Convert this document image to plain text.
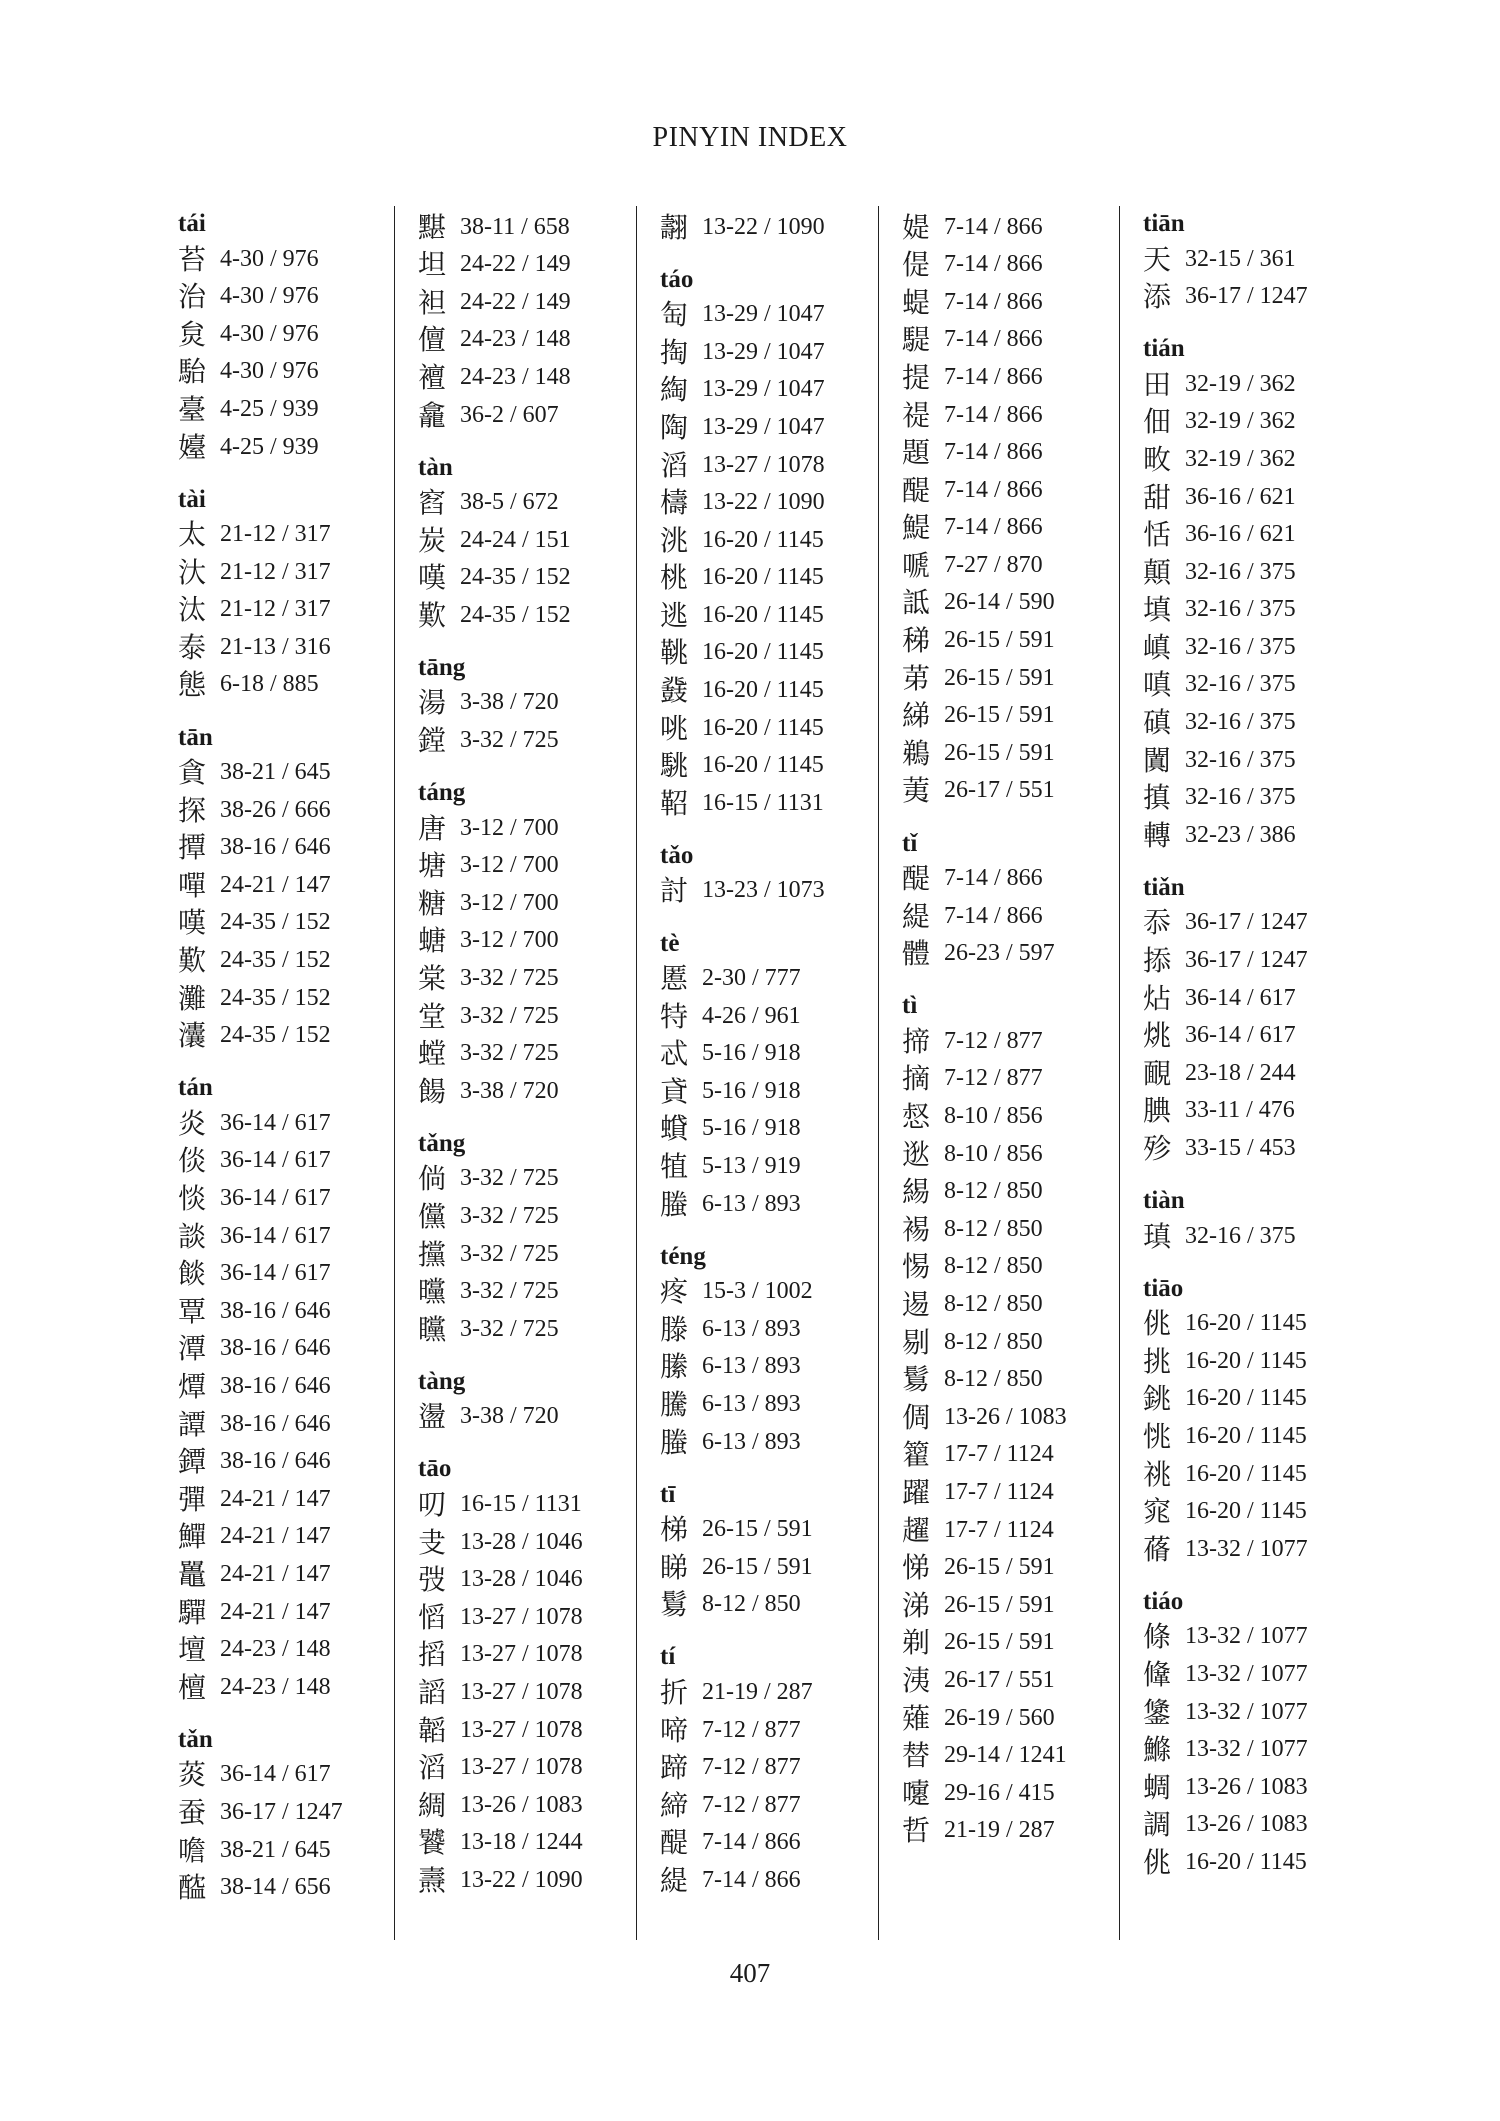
PINYIN INDEX
tái
苔 4-30 / 976
治 4-30 / 976
炱 4-30 / 976
駘 4-30 / 976
臺 4-25 / 939
嬯 4-25 / 939
tài
太 21-12 / 317
汏 21-12 / 317
汰 21-12 / 317
泰 21-13 / 316
態 6-18 / 885
tān
貪 38-21 / 645
探 38-26 / 666
撢 38-16 / 646
嘽 24-21 / 147
嘆 24-35 / 152
歎 24-35 / 152
灘 24-35 / 152
灢 24-35 / 152
tán
炎 36-14 / 617
倓 36-14 / 617
惔 36-14 / 617
談 36-14 / 617
餤 36-14 / 617
覃 38-16 / 646
潭 38-16 / 646
燂 38-16 / 646
譚 38-16 / 646
鐔 38-16 / 646
彈 24-21 / 147
鱓 24-21 / 147
鼉 24-21 / 147
驒 24-21 / 147
壇 24-23 / 148
檀 24-23 / 148
tǎn
菼 36-14 / 617
蚕 36-17 / 1247
噡 38-21 / 645
醓 38-14 / 656
黮 38-11 / 658
坦 24-22 / 149
袒 24-22 / 149
儃 24-23 / 148
襢 24-23 / 148
龕 36-2 / 607
tàn
窞 38-5 / 672
炭 24-24 / 151
嘆 24-35 / 152
歎 24-35 / 152
tāng
湯 3-38 / 720
鏜 3-32 / 725
táng
唐 3-12 / 700
塘 3-12 / 700
糖 3-12 / 700
螗 3-12 / 700
棠 3-32 / 725
堂 3-32 / 725
螳 3-32 / 725
餳 3-38 / 720
tǎng
倘 3-32 / 725
儻 3-32 / 725
攩 3-32 / 725
曭 3-32 / 725
矘 3-32 / 725
tàng
盪 3-38 / 720
tāo
叨 16-15 / 1131
叏 13-28 / 1046
弢 13-28 / 1046
慆 13-27 / 1078
搯 13-27 / 1078
謟 13-27 / 1078
韜 13-27 / 1078
滔 13-27 / 1078
綢 13-26 / 1083
饕 13-18 / 1244
燾 13-22 / 1090
翿 13-22 / 1090
táo
匋 13-29 / 1047
掏 13-29 / 1047
綯 13-29 / 1047
陶 13-29 / 1047
滔 13-27 / 1078
檮 13-22 / 1090
洮 16-20 / 1145
桃 16-20 / 1145
逃 16-20 / 1145
鞉 16-20 / 1145
鼗 16-20 / 1145
咷 16-20 / 1145
駣 16-20 / 1145
鞀 16-15 / 1131
tǎo
討 13-23 / 1073
tè
慝 2-30 / 777
特 4-26 / 961
忒 5-16 / 918
貣 5-16 / 918
蟘 5-16 / 918
犆 5-13 / 919
螣 6-13 / 893
téng
疼 15-3 / 1002
滕 6-13 / 893
縢 6-13 / 893
騰 6-13 / 893
螣 6-13 / 893
tī
梯 26-15 / 591
睇 26-15 / 591
鬄 8-12 / 850
tí
折 21-19 / 287
啼 7-12 / 877
蹄 7-12 / 877
締 7-12 / 877
醍 7-14 / 866
緹 7-14 / 866
媞 7-14 / 866
偍 7-14 / 866
蝭 7-14 / 866
騠 7-14 / 866
提 7-14 / 866
禔 7-14 / 866
題 7-14 / 866
醍 7-14 / 866
鯷 7-14 / 866
嗁 7-27 / 870
詆 26-14 / 590
稊 26-15 / 591
苐 26-15 / 591
綈 26-15 / 591
鵜 26-15 / 591
荑 26-17 / 551
tǐ
醍 7-14 / 866
緹 7-14 / 866
體 26-23 / 597
tì
揥 7-12 / 877
摘 7-12 / 877
惄 8-10 / 856
逖 8-10 / 856
緆 8-12 / 850
裼 8-12 / 850
惕 8-12 / 850
逷 8-12 / 850
剔 8-12 / 850
鬄 8-12 / 850
倜 13-26 / 1083
籊 17-7 / 1124
躍 17-7 / 1124
趯 17-7 / 1124
悌 26-15 / 591
涕 26-15 / 591
剃 26-15 / 591
洟 26-17 / 551
薙 26-19 / 560
替 29-14 / 1241
嚔 29-16 / 415
哲 21-19 / 287
tiān
天 32-15 / 361
添 36-17 / 1247
tián
田 32-19 / 362
佃 32-19 / 362
畋 32-19 / 362
甜 36-16 / 621
恬 36-16 / 621
顛 32-16 / 375
填 32-16 / 375
嵮 32-16 / 375
嗔 32-16 / 375
磌 32-16 / 375
闐 32-16 / 375
搷 32-16 / 375
轉 32-23 / 386
tiǎn
忝 36-17 / 1247
掭 36-17 / 1247
炶 36-14 / 617
烑 36-14 / 617
靦 23-18 / 244
腆 33-11 / 476
殄 33-15 / 453
tiàn
瑱 32-16 / 375
tiāo
佻 16-20 / 1145
挑 16-20 / 1145
銚 16-20 / 1145
恌 16-20 / 1145
祧 16-20 / 1145
窕 16-20 / 1145
蓨 13-32 / 1077
tiáo
條 13-32 / 1077
鞗 13-32 / 1077
鎥 13-32 / 1077
鰷 13-32 / 1077
蜩 13-26 / 1083
調 13-26 / 1083
佻 16-20 / 1145
407
